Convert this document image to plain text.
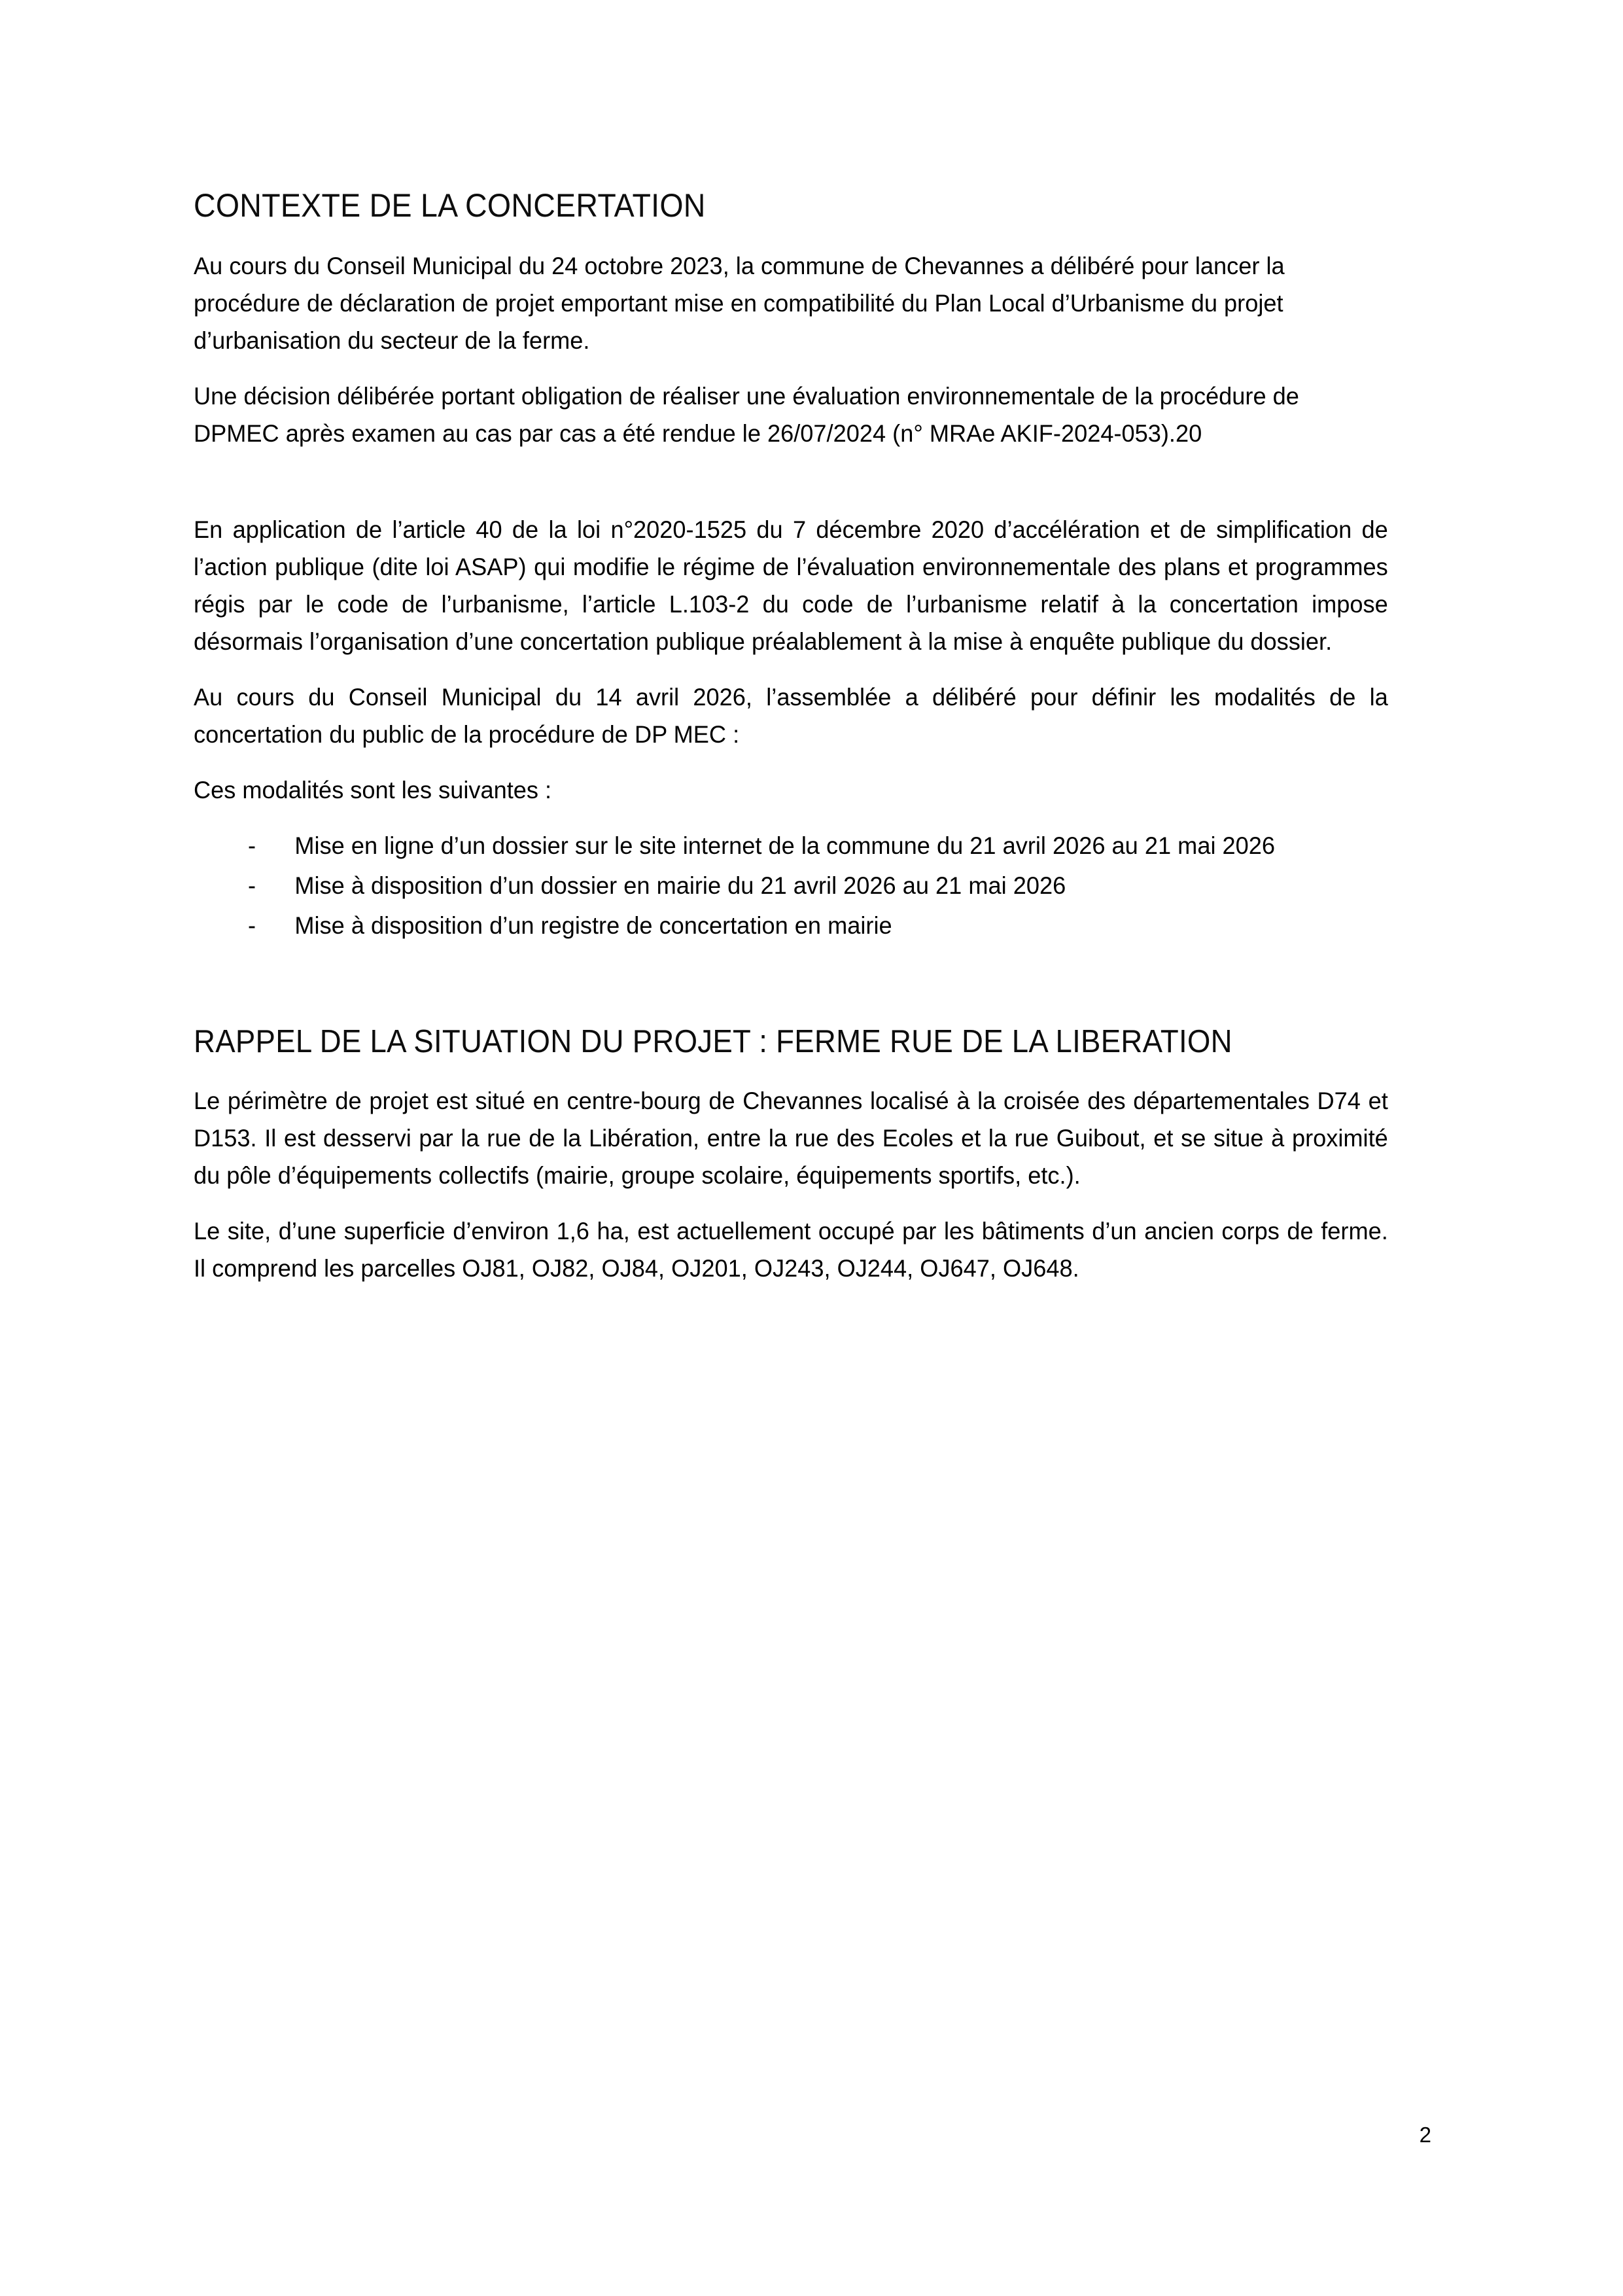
CONTEXTE DE LA CONCERTATION

Au cours du Conseil Municipal du 24 octobre 2023, la commune de Chevannes a délibéré pour lancer la procédure de déclaration de projet emportant mise en compatibilité du Plan Local d’Urbanisme du projet d’urbanisation du secteur de la ferme.

Une décision délibérée portant obligation de réaliser une évaluation environnementale de la procédure de DPMEC après examen au cas par cas a été rendue le 26/07/2024 (n° MRAe AKIF-2024-053).20

En application de l’article 40 de la loi n°2020-1525 du 7 décembre 2020 d’accélération et de simplification de l’action publique (dite loi ASAP) qui modifie le régime de l’évaluation environnementale des plans et programmes régis par le code de l’urbanisme, l’article L.103-2 du code de l’urbanisme relatif à la concertation impose désormais l’organisation d’une concertation publique préalablement à la mise à enquête publique du dossier.

Au cours du Conseil Municipal du 14 avril 2026, l’assemblée a délibéré pour définir les modalités de la concertation du public de la procédure de DP MEC :

Ces modalités sont les suivantes :

-	Mise en ligne d’un dossier sur le site internet de la commune du 21 avril 2026 au 21 mai 2026
-	Mise à disposition d’un dossier en mairie du 21 avril 2026 au 21 mai 2026
-	Mise à disposition d’un registre de concertation en mairie
RAPPEL DE LA SITUATION DU PROJET : FERME RUE DE LA LIBERATION

Le périmètre de projet est situé en centre-bourg de Chevannes localisé à la croisée des départementales D74 et D153. Il est desservi par la rue de la Libération, entre la rue des Ecoles et la rue Guibout, et se situe à proximité du pôle d’équipements collectifs (mairie, groupe scolaire, équipements sportifs, etc.).

Le site, d’une superficie d’environ 1,6 ha, est actuellement occupé par les bâtiments d’un ancien corps de ferme. Il comprend les parcelles OJ81, OJ82, OJ84, OJ201, OJ243, OJ244, OJ647, OJ648.

2
